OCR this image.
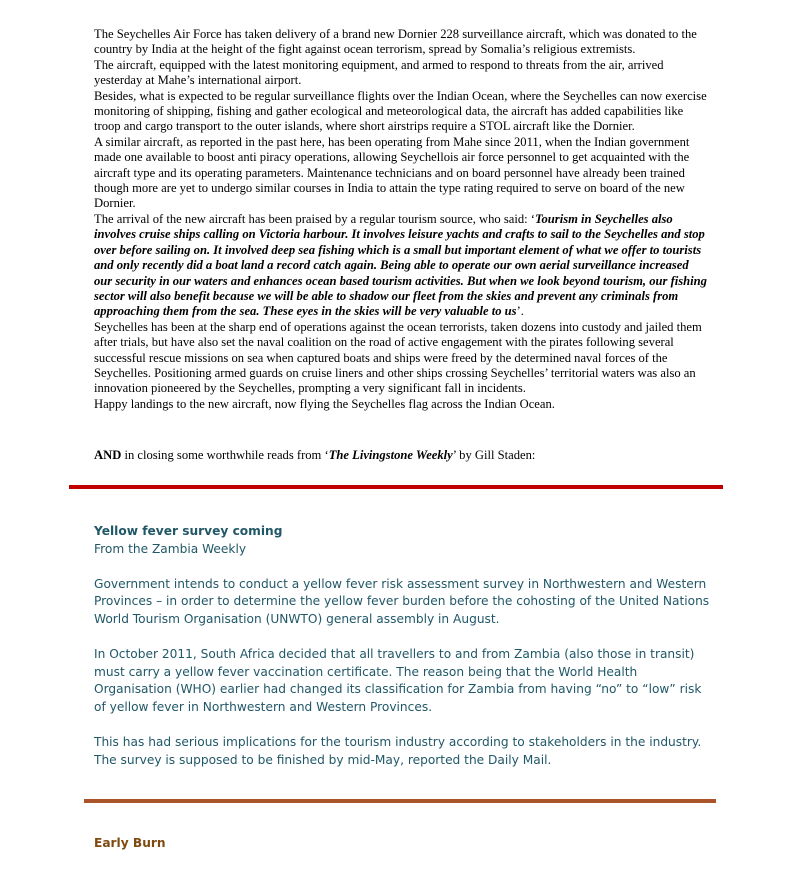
The Seychelles Air Force has taken delivery of a brand new Dornier 228 surveillance aircraft, which was donated to the country by India at the height of the fight against ocean terrorism, spread by Somalia’s religious extremists.

The aircraft, equipped with the latest monitoring equipment, and armed to respond to threats from the air, arrived yesterday at Mahe’s international airport.

Besides, what is expected to be regular surveillance flights over the Indian Ocean, where the Seychelles can now exercise monitoring of shipping, fishing and gather ecological and meteorological data, the aircraft has added capabilities like troop and cargo transport to the outer islands, where short airstrips require a STOL aircraft like the Dornier.

A similar aircraft, as reported in the past here, has been operating from Mahe since 2011, when the Indian government made one available to boost anti piracy operations, allowing Seychellois air force personnel to get acquainted with the aircraft type and its operating parameters. Maintenance technicians and on board personnel have already been trained though more are yet to undergo similar courses in India to attain the type rating required to serve on board of the new Dornier.

The arrival of the new aircraft has been praised by a regular tourism source, who said: ‘Tourism in Seychelles also involves cruise ships calling on Victoria harbour. It involves leisure yachts and crafts to sail to the Seychelles and stop over before sailing on. It involved deep sea fishing which is a small but important element of what we offer to tourists and only recently did a boat land a record catch again. Being able to operate our own aerial surveillance increased our security in our waters and enhances ocean based tourism activities. But when we look beyond tourism, our fishing sector will also benefit because we will be able to shadow our fleet from the skies and prevent any criminals from approaching them from the sea. These eyes in the skies will be very valuable to us’.

Seychelles has been at the sharp end of operations against the ocean terrorists, taken dozens into custody and jailed them after trials, but have also set the naval coalition on the road of active engagement with the pirates following several successful rescue missions on sea when captured boats and ships were freed by the determined naval forces of the Seychelles. Positioning armed guards on cruise liners and other ships crossing Seychelles’ territorial waters was also an innovation pioneered by the Seychelles, prompting a very significant fall in incidents.

Happy landings to the new aircraft, now flying the Seychelles flag across the Indian Ocean.

AND in closing some worthwhile reads from ‘The Livingstone Weekly’ by Gill Staden:

Yellow fever survey coming

From the Zambia Weekly

Government intends to conduct a yellow fever risk assessment survey in Northwestern and Western Provinces – in order to determine the yellow fever burden before the cohosting of the United Nations World Tourism Organisation (UNWTO) general assembly in August.

In October 2011, South Africa decided that all travellers to and from Zambia (also those in transit) must carry a yellow fever vaccination certificate. The reason being that the World Health Organisation (WHO) earlier had changed its classification for Zambia from having “no” to “low” risk of yellow fever in Northwestern and Western Provinces.

This has had serious implications for the tourism industry according to stakeholders in the industry. The survey is supposed to be finished by mid-May, reported the Daily Mail.

Early Burn
